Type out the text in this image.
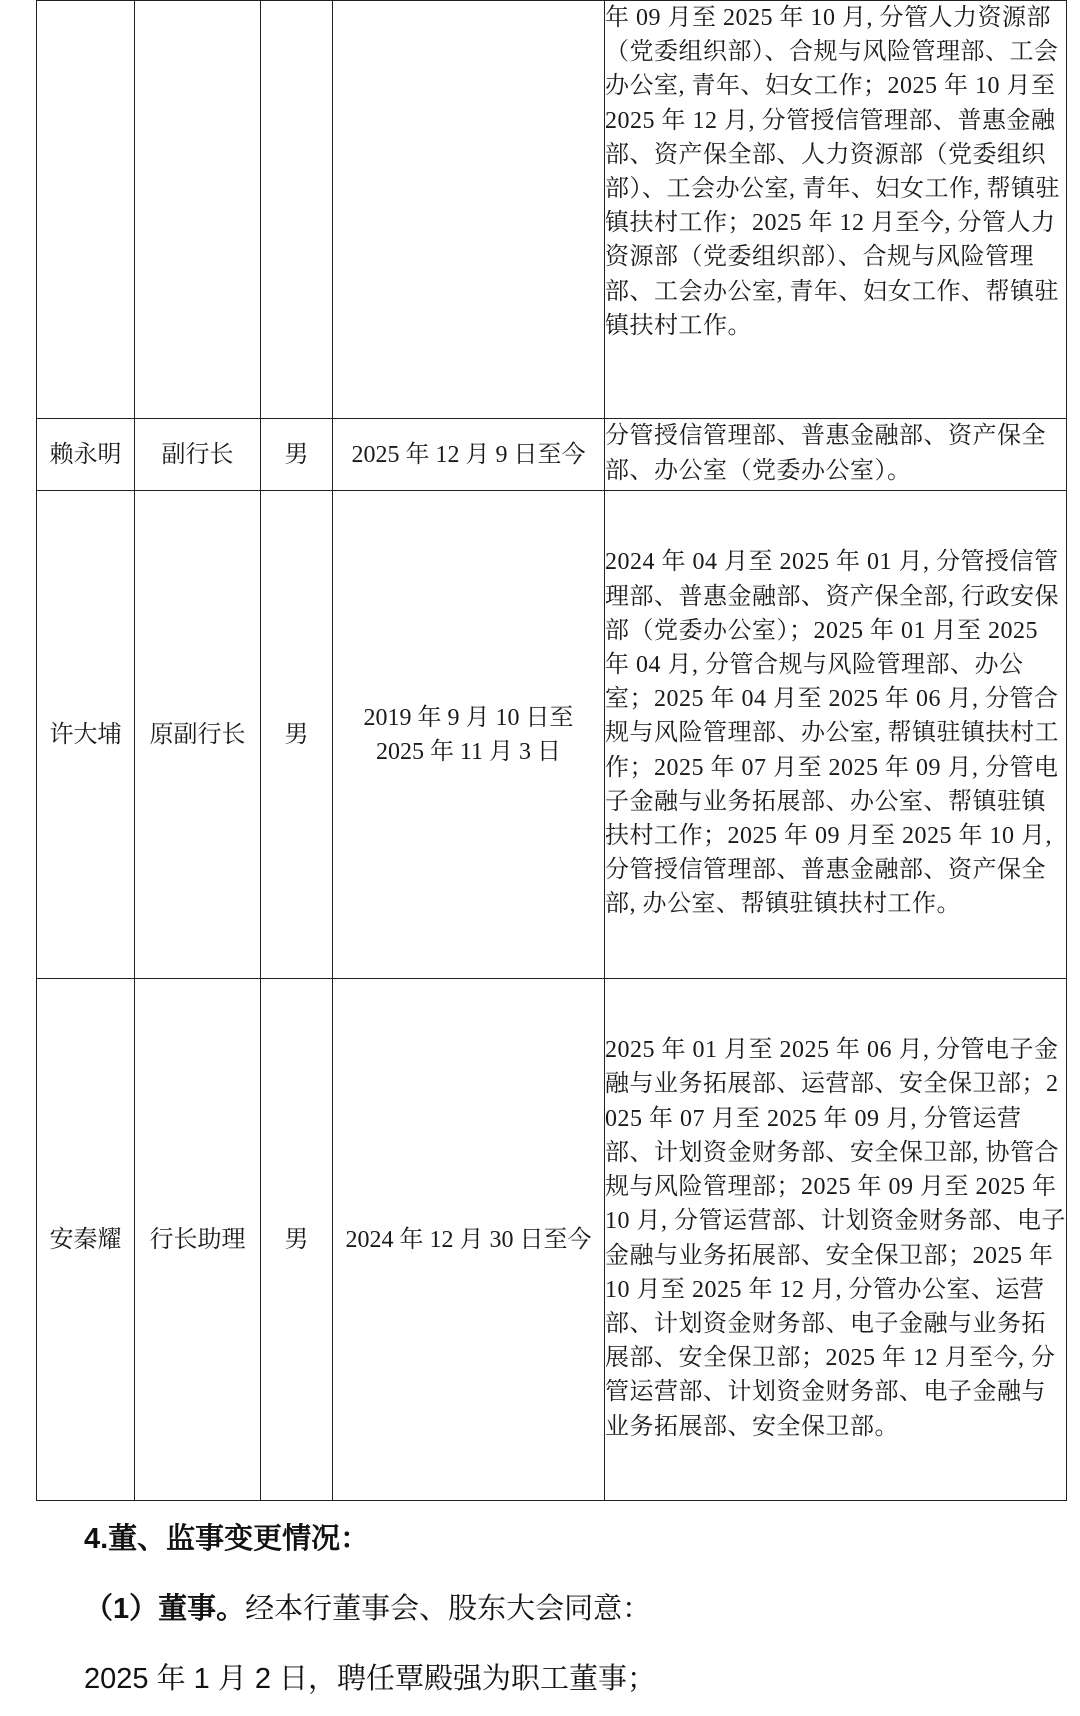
				年 09 月至 2025 年 10 月, 分管人力资源部（党委组织部）、合规与风险管理部、工会办公室, 青年、妇女工作；2025 年 10 月至 2025 年 12 月, 分管授信管理部、普惠金融部、资产保全部、人力资源部（党委组织部）、工会办公室, 青年、妇女工作, 帮镇驻镇扶村工作；2025 年 12 月至今, 分管人力资源部（党委组织部）、合规与风险管理部、工会办公室, 青年、妇女工作、帮镇驻镇扶村工作。

赖永明	副行长	男	2025 年 12 月 9 日至今	分管授信管理部、普惠金融部、资产保全部、办公室（党委办公室）。

许大埔	原副行长	男	2019 年 9 月 10 日至 2025 年 11 月 3 日	2024 年 04 月至 2025 年 01 月, 分管授信管理部、普惠金融部、资产保全部, 行政安保部（党委办公室）；2025 年 01 月至 2025 年 04 月, 分管合规与风险管理部、办公室；2025 年 04 月至 2025 年 06 月, 分管合规与风险管理部、办公室, 帮镇驻镇扶村工作；2025 年 07 月至 2025 年 09 月, 分管电子金融与业务拓展部、办公室、帮镇驻镇扶村工作；2025 年 09 月至 2025 年 10 月, 分管授信管理部、普惠金融部、资产保全部, 办公室、帮镇驻镇扶村工作。

安秦耀	行长助理	男	2024 年 12 月 30 日至今	2025 年 01 月至 2025 年 06 月, 分管电子金融与业务拓展部、运营部、安全保卫部；2025 年 07 月至 2025 年 09 月, 分管运营部、计划资金财务部、安全保卫部, 协管合规与风险管理部；2025 年 09 月至 2025 年 10 月, 分管运营部、计划资金财务部、电子金融与业务拓展部、安全保卫部；2025 年 10 月至 2025 年 12 月, 分管办公室、运营部、计划资金财务部、电子金融与业务拓展部、安全保卫部；2025 年 12 月至今, 分管运营部、计划资金财务部、电子金融与业务拓展部、安全保卫部。
4.董、监事变更情况：
（1）董事。经本行董事会、股东大会同意：
2025 年 1 月 2 日，聘任覃殿强为职工董事；
